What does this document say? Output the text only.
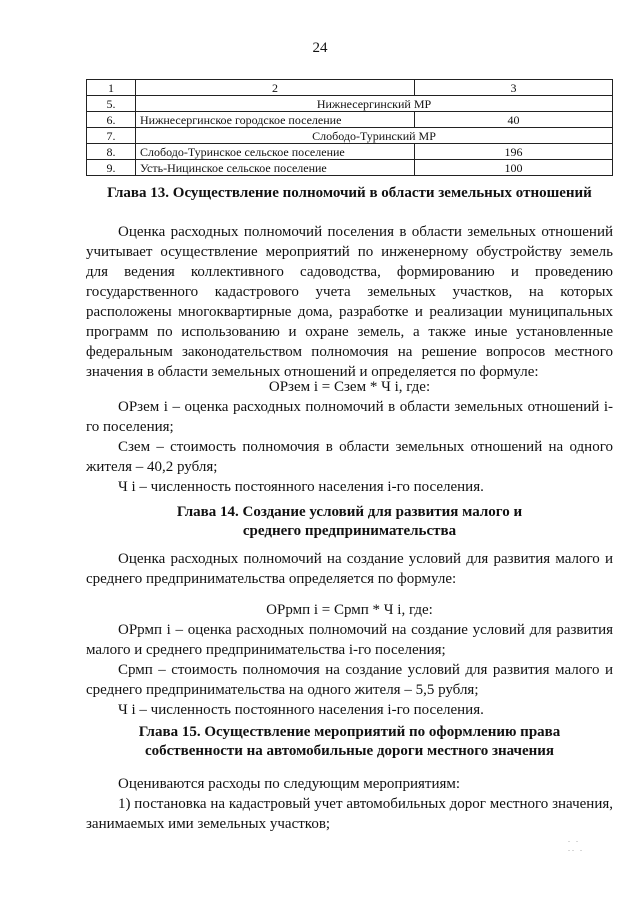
24
1	2	3
5.	Нижнесергинский МР	
6.	Нижнесергинское городское поселение	40
7.	Слободо-Туринский МР	
8.	Слободо-Туринское сельское поселение	196
9.	Усть-Ницинское сельское поселение	100

Глава 13. Осуществление полномочий в области земельных отношений

Оценка расходных полномочий поселения в области земельных отношений учитывает осуществление мероприятий по инженерному обустройству земель для ведения коллективного садоводства, формированию и проведению государственного кадастрового учета земельных участков, на которых расположены многоквартирные дома, разработке и реализации муниципальных программ по использованию и охране земель, а также иные установленные федеральным законодательством полномочия на решение вопросов местного значения в области земельных отношений и определяется по формуле:

ОРзем i = Сзем * Ч i, где:

ОРзем i – оценка расходных полномочий в области земельных отношений i-го поселения;

Сзем – стоимость полномочия в области земельных отношений на одного жителя – 40,2 рубля;

Ч i – численность постоянного населения i-го поселения.

Глава 14. Создание условий для развития малого и среднего предпринимательства

Оценка расходных полномочий на создание условий для развития малого и среднего предпринимательства определяется по формуле:

ОРрмп i = Срмп * Ч i, где:

ОРрмп i – оценка расходных полномочий на создание условий для развития малого и среднего предпринимательства i-го поселения;

Срмп – стоимость полномочия на создание условий для развития малого и среднего предпринимательства на одного жителя – 5,5 рубля;

Ч i – численность постоянного населения i-го поселения.

Глава 15. Осуществление мероприятий по оформлению права собственности на автомобильные дороги местного значения

Оцениваются расходы по следующим мероприятиям:

1) постановка на кадастровый учет автомобильных дорог местного значения, занимаемых ими земельных участков;

. .
.. .
